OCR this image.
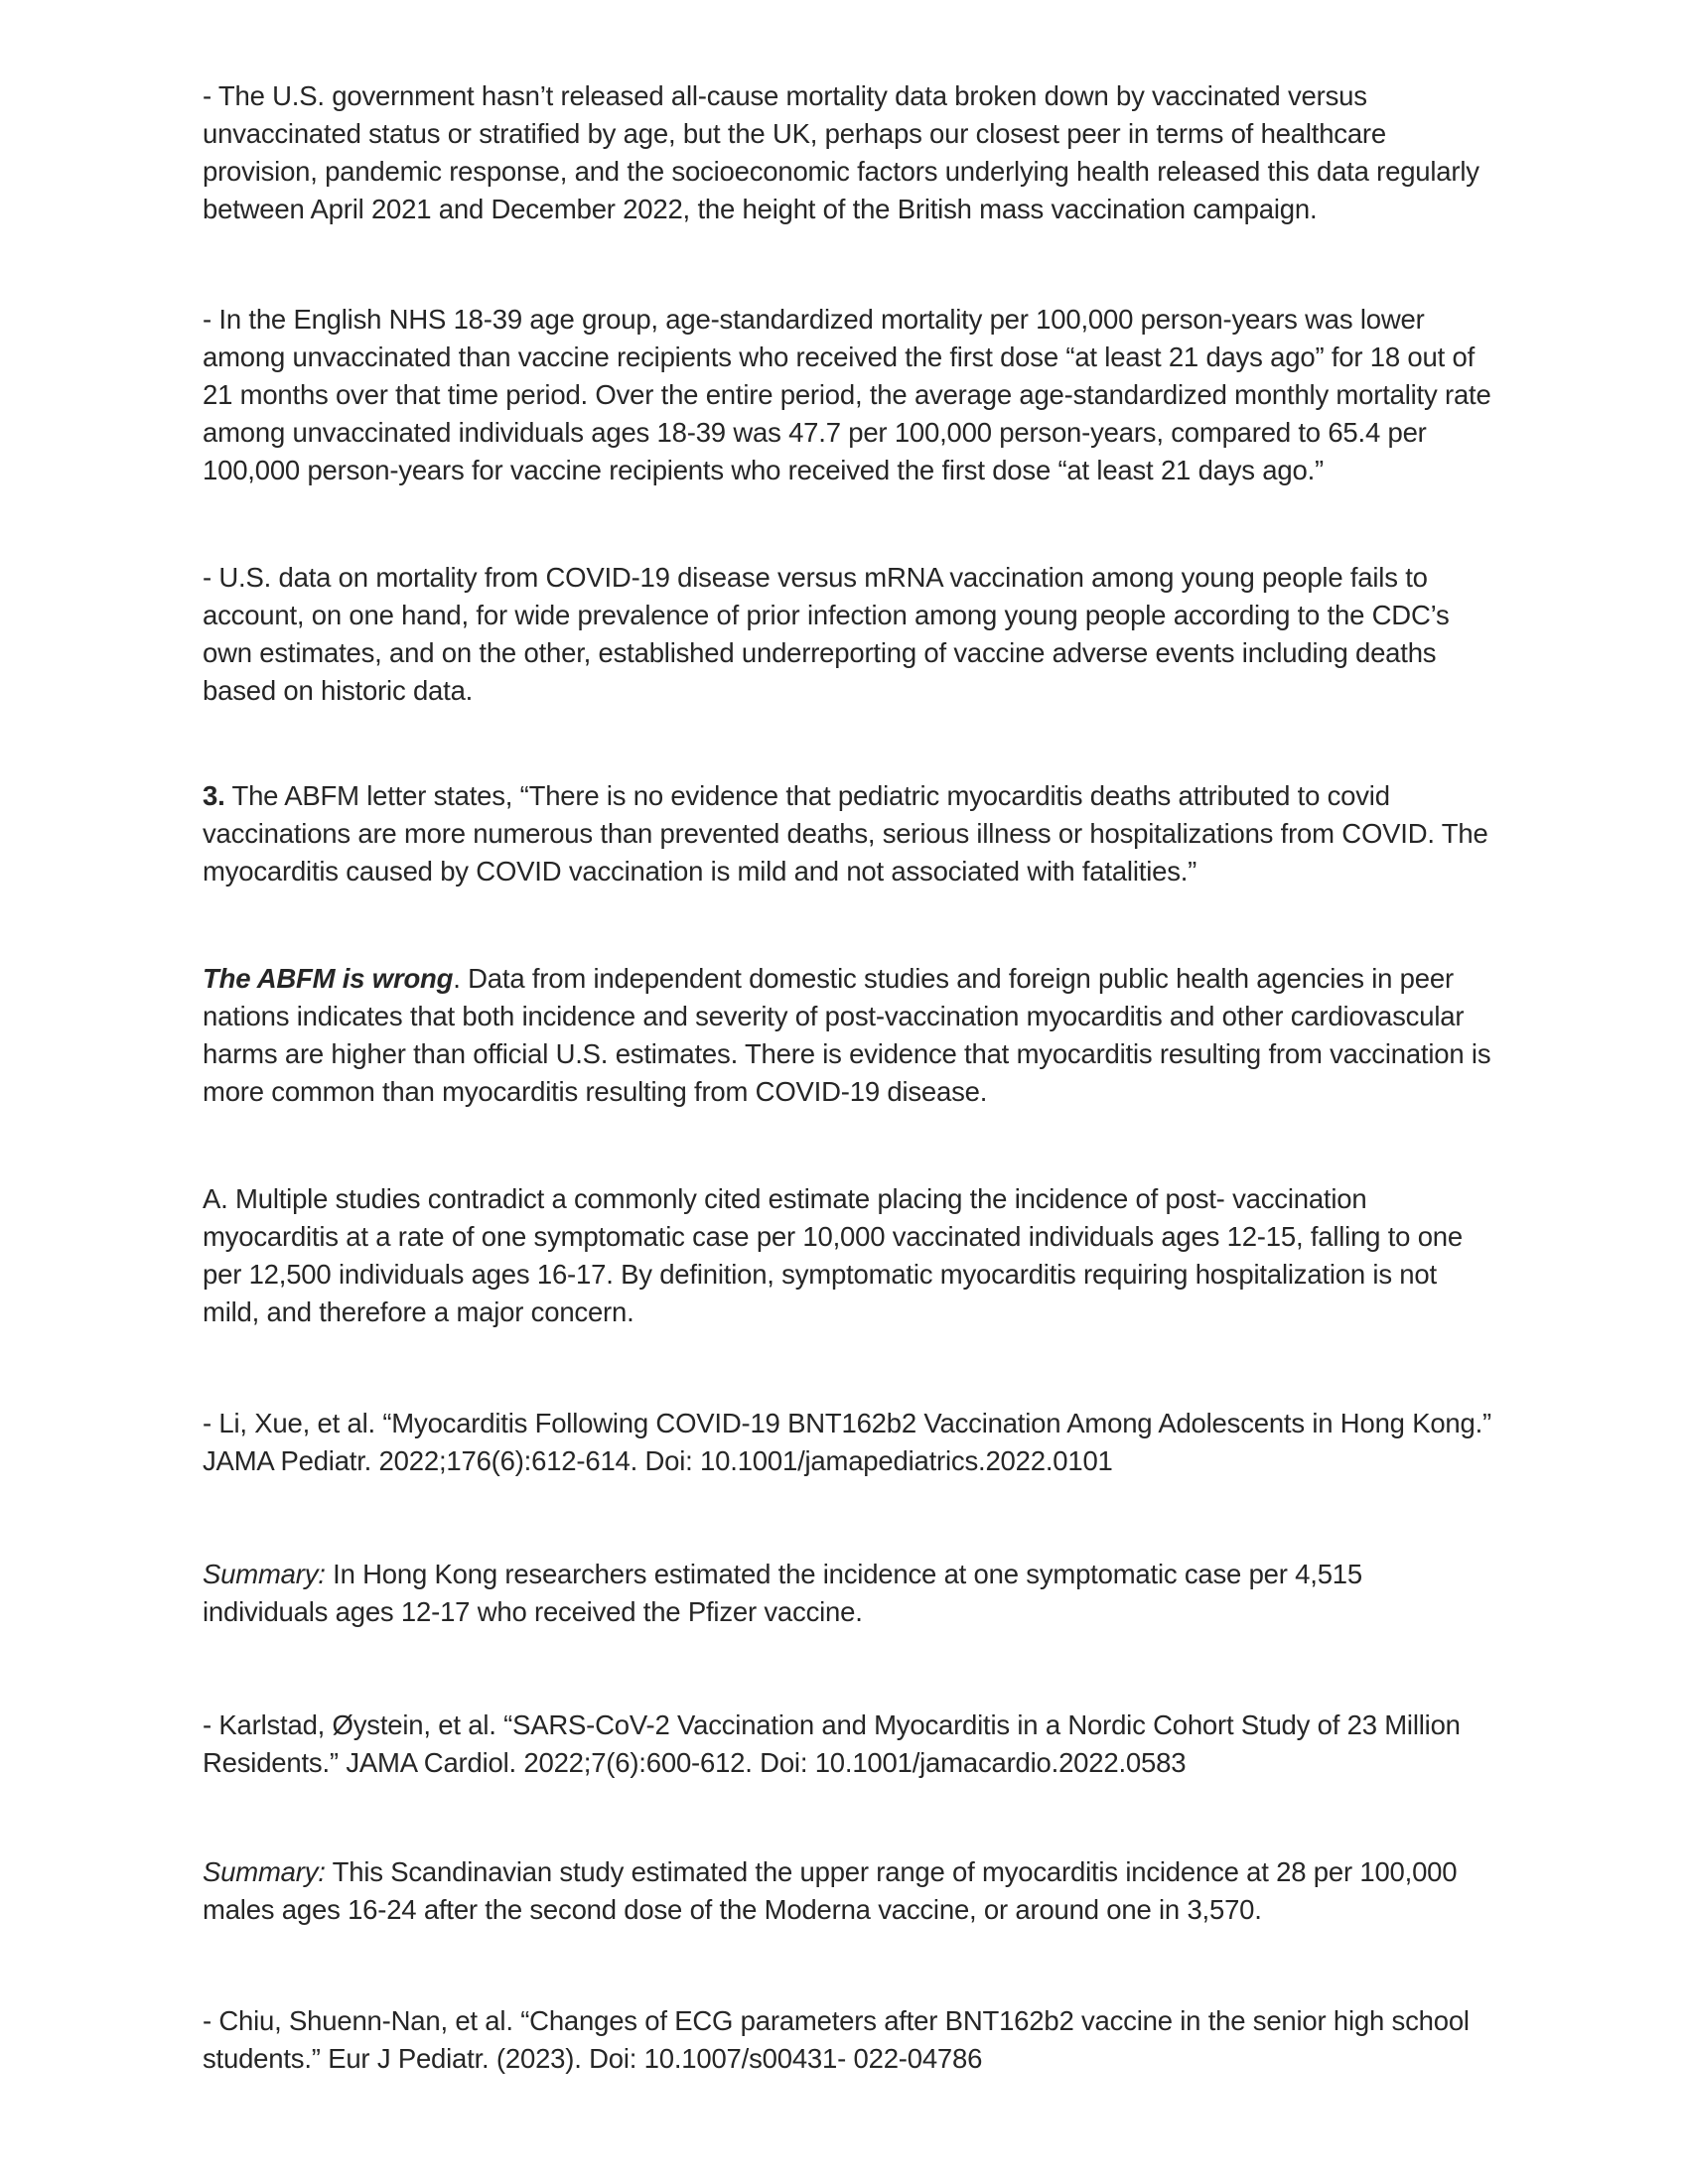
- The U.S. government hasn’t released all-cause mortality data broken down by vaccinated versus unvaccinated status or stratified by age, but the UK, perhaps our closest peer in terms of healthcare provision, pandemic response, and the socioeconomic factors underlying health released this data regularly between April 2021 and December 2022, the height of the British mass vaccination campaign.

- In the English NHS 18-39 age group, age-standardized mortality per 100,000 person-years was lower among unvaccinated than vaccine recipients who received the first dose “at least 21 days ago” for 18 out of 21 months over that time period. Over the entire period, the average age-standardized monthly mortality rate among unvaccinated individuals ages 18-39 was 47.7 per 100,000 person-years, compared to 65.4 per 100,000 person-years for vaccine recipients who received the first dose “at least 21 days ago.”

- U.S. data on mortality from COVID-19 disease versus mRNA vaccination among young people fails to account, on one hand, for wide prevalence of prior infection among young people according to the CDC’s own estimates, and on the other, established underreporting of vaccine adverse events including deaths based on historic data.

3. The ABFM letter states, “There is no evidence that pediatric myocarditis deaths attributed to covid vaccinations are more numerous than prevented deaths, serious illness or hospitalizations from COVID. The myocarditis caused by COVID vaccination is mild and not associated with fatalities.”

The ABFM is wrong. Data from independent domestic studies and foreign public health agencies in peer nations indicates that both incidence and severity of post-vaccination myocarditis and other cardiovascular harms are higher than official U.S. estimates. There is evidence that myocarditis resulting from vaccination is more common than myocarditis resulting from COVID-19 disease.

A. Multiple studies contradict a commonly cited estimate placing the incidence of post- vaccination myocarditis at a rate of one symptomatic case per 10,000 vaccinated individuals ages 12-15, falling to one per 12,500 individuals ages 16-17. By definition, symptomatic myocarditis requiring hospitalization is not mild, and therefore a major concern.

- Li, Xue, et al. “Myocarditis Following COVID-19 BNT162b2 Vaccination Among Adolescents in Hong Kong.” JAMA Pediatr. 2022;176(6):612-614. Doi: 10.1001/jamapediatrics.2022.0101

Summary: In Hong Kong researchers estimated the incidence at one symptomatic case per 4,515 individuals ages 12-17 who received the Pfizer vaccine.

- Karlstad, Øystein, et al. “SARS-CoV-2 Vaccination and Myocarditis in a Nordic Cohort Study of 23 Million Residents.” JAMA Cardiol. 2022;7(6):600-612. Doi: 10.1001/jamacardio.2022.0583

Summary: This Scandinavian study estimated the upper range of myocarditis incidence at 28 per 100,000 males ages 16-24 after the second dose of the Moderna vaccine, or around one in 3,570.

- Chiu, Shuenn-Nan, et al. “Changes of ECG parameters after BNT162b2 vaccine in the senior high school students.” Eur J Pediatr. (2023). Doi: 10.1007/s00431- 022-04786
